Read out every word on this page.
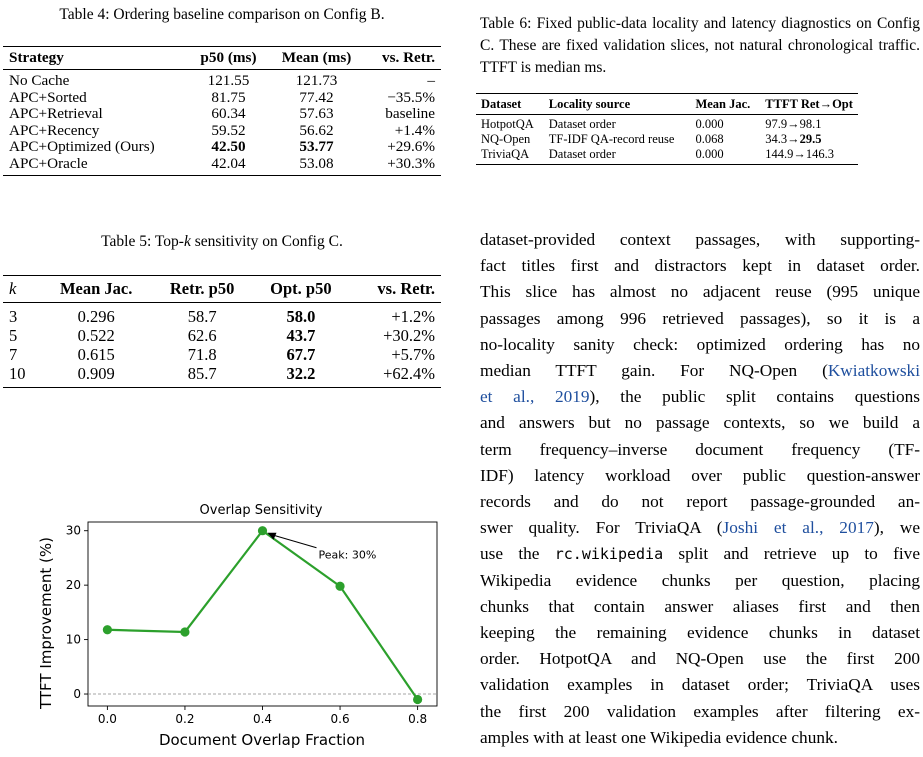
Table 4: Ordering baseline comparison on Config B.
Strategy	p50 (ms)	Mean (ms)	vs. Retr.
No Cache	121.55	121.73	–
APC+Sorted	81.75	77.42	−35.5%
APC+Retrieval	60.34	57.63	baseline
APC+Recency	59.52	56.62	+1.4%
APC+Optimized (Ours)	42.50	53.77	+29.6%
APC+Oracle	42.04	53.08	+30.3%
Table 5: Top-k sensitivity on Config C.
k	Mean Jac.	Retr. p50	Opt. p50	vs. Retr.
3	0.296	58.7	58.0	+1.2%
5	0.522	62.6	43.7	+30.2%
7	0.615	71.8	67.7	+5.7%
10	0.909	85.7	32.2	+62.4%
Overlap Sensitivity
0.0	0.2	0.4	0.6	0.8
0
10
20
30
Peak: 30%
Document Overlap Fraction
TTFT Improvement (%)
Table 6: Fixed public-data locality and latency diagnostics on Config C. These are fixed validation slices, not natural chronological traffic. TTFT is median ms.
Dataset	Locality source	Mean Jac.	TTFT Ret→Opt
HotpotQA	Dataset order	0.000	97.9→98.1
NQ-Open	TF-IDF QA-record reuse	0.068	34.3→29.5
TriviaQA	Dataset order	0.000	144.9→146.3
dataset-provided context passages, with supporting-
fact titles first and distractors kept in dataset order.
This slice has almost no adjacent reuse (995 unique
passages among 996 retrieved passages), so it is a
no-locality sanity check: optimized ordering has no
median TTFT gain. For NQ-Open (Kwiatkowski
et al., 2019), the public split contains questions
and answers but no passage contexts, so we build a
term frequency–inverse document frequency (TF-
IDF) latency workload over public question-answer
records and do not report passage-grounded an-
swer quality. For TriviaQA (Joshi et al., 2017), we
use the rc.wikipedia split and retrieve up to five
Wikipedia evidence chunks per question, placing
chunks that contain answer aliases first and then
keeping the remaining evidence chunks in dataset
order. HotpotQA and NQ-Open use the first 200
validation examples in dataset order; TriviaQA uses
the first 200 validation examples after filtering ex-
amples with at least one Wikipedia evidence chunk.
